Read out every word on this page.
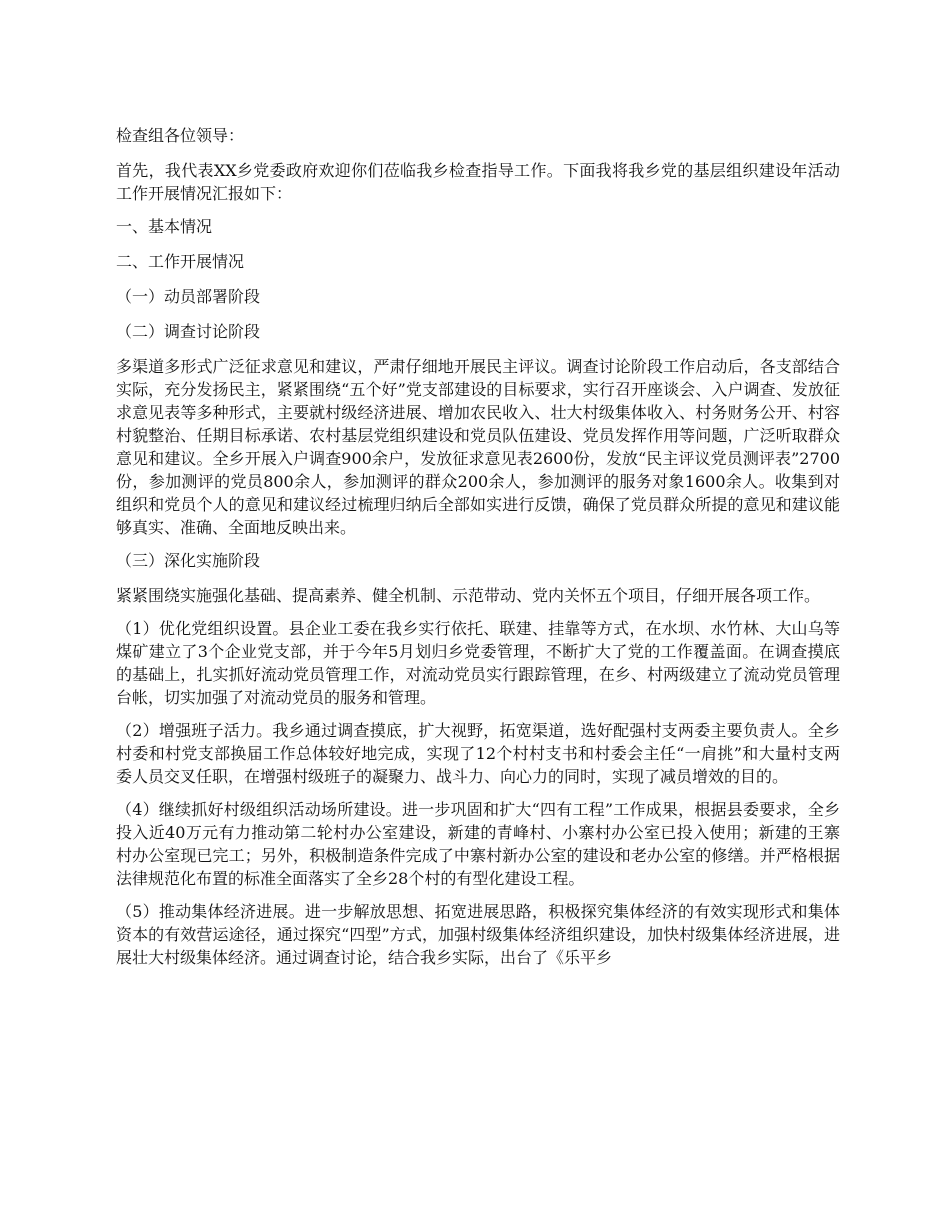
检查组各位领导：

首先，我代表XX乡党委政府欢迎你们莅临我乡检查指导工作。下面我将我乡党的基层组织建设年活动工作开展情况汇报如下：

一、基本情况

二、工作开展情况

（一）动员部署阶段

（二）调查讨论阶段

多渠道多形式广泛征求意见和建议，严肃仔细地开展民主评议。调查讨论阶段工作启动后，各支部结合实际，充分发扬民主，紧紧围绕“五个好”党支部建设的目标要求，实行召开座谈会、入户调查、发放征求意见表等多种形式，主要就村级经济进展、增加农民收入、壮大村级集体收入、村务财务公开、村容村貌整治、任期目标承诺、农村基层党组织建设和党员队伍建设、党员发挥作用等问题，广泛听取群众意见和建议。全乡开展入户调查900余户，发放征求意见表2600份，发放“民主评议党员测评表”2700份，参加测评的党员800余人，参加测评的群众200余人，参加测评的服务对象1600余人。收集到对组织和党员个人的意见和建议经过梳理归纳后全部如实进行反馈，确保了党员群众所提的意见和建议能够真实、准确、全面地反映出来。

（三）深化实施阶段

紧紧围绕实施强化基础、提高素养、健全机制、示范带动、党内关怀五个项目，仔细开展各项工作。

（1）优化党组织设置。县企业工委在我乡实行依托、联建、挂靠等方式，在水坝、水竹林、大山乌等煤矿建立了3个企业党支部，并于今年5月划归乡党委管理，不断扩大了党的工作覆盖面。在调查摸底的基础上，扎实抓好流动党员管理工作，对流动党员实行跟踪管理，在乡、村两级建立了流动党员管理台帐，切实加强了对流动党员的服务和管理。

（2）增强班子活力。我乡通过调查摸底，扩大视野，拓宽渠道，选好配强村支两委主要负责人。全乡村委和村党支部换届工作总体较好地完成，实现了12个村村支书和村委会主任“一肩挑”和大量村支两委人员交叉任职，在增强村级班子的凝聚力、战斗力、向心力的同时，实现了减员增效的目的。

（4）继续抓好村级组织活动场所建设。进一步巩固和扩大“四有工程”工作成果，根据县委要求，全乡投入近40万元有力推动第二轮村办公室建设，新建的青峰村、小寨村办公室已投入使用；新建的王寨村办公室现已完工；另外，积极制造条件完成了中寨村新办公室的建设和老办公室的修缮。并严格根据法律规范化布置的标准全面落实了全乡28个村的有型化建设工程。

（5）推动集体经济进展。进一步解放思想、拓宽进展思路，积极探究集体经济的有效实现形式和集体资本的有效营运途径，通过探究“四型”方式，加强村级集体经济组织建设，加快村级集体经济进展，进展壮大村级集体经济。通过调查讨论，结合我乡实际，出台了《乐平乡
